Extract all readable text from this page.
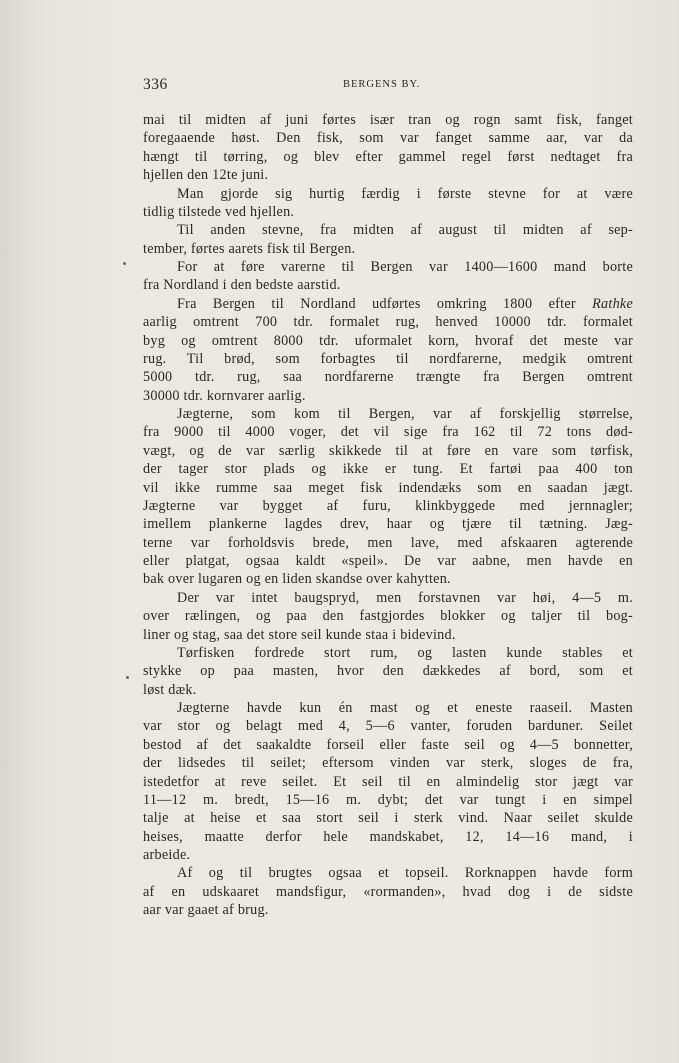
336	BERGENS BY.
mai til midten af juni førtes især tran og rogn samt fisk, fanget
foregaaende høst. Den fisk, som var fanget samme aar, var da
hængt til tørring, og blev efter gammel regel først nedtaget fra
hjellen den 12te juni.
Man gjorde sig hurtig færdig i første stevne for at være
tidlig tilstede ved hjellen.
Til anden stevne, fra midten af august til midten af sep-
tember, førtes aarets fisk til Bergen.
For at føre varerne til Bergen var 1400—1600 mand borte
fra Nordland i den bedste aarstid.
Fra Bergen til Nordland udførtes omkring 1800 efter Rathke
aarlig omtrent 700 tdr. formalet rug, henved 10000 tdr. formalet
byg og omtrent 8000 tdr. uformalet korn, hvoraf det meste var
rug. Til brød, som forbagtes til nordfarerne, medgik omtrent
5000 tdr. rug, saa nordfarerne trængte fra Bergen omtrent
30000 tdr. kornvarer aarlig.
Jægterne, som kom til Bergen, var af forskjellig størrelse,
fra 9000 til 4000 voger, det vil sige fra 162 til 72 tons død-
vægt, og de var særlig skikkede til at føre en vare som tørfisk,
der tager stor plads og ikke er tung. Et fartøi paa 400 ton
vil ikke rumme saa meget fisk indendæks som en saadan jægt.
Jægterne var bygget af furu, klinkbyggede med jernnagler;
imellem plankerne lagdes drev, haar og tjære til tætning. Jæg-
terne var forholdsvis brede, men lave, med afskaaren agterende
eller platgat, ogsaa kaldt «speil». De var aabne, men havde en
bak over lugaren og en liden skandse over kahytten.
Der var intet baugspryd, men forstavnen var høi, 4—5 m.
over rælingen, og paa den fastgjordes blokker og taljer til bog-
liner og stag, saa det store seil kunde staa i bidevind.
Tørfisken fordrede stort rum, og lasten kunde stables et
stykke op paa masten, hvor den dækkedes af bord, som et
løst dæk.
Jægterne havde kun én mast og et eneste raaseil. Masten
var stor og belagt med 4, 5—6 vanter, foruden barduner. Seilet
bestod af det saakaldte forseil eller faste seil og 4—5 bonnetter,
der lidsedes til seilet; eftersom vinden var sterk, sloges de fra,
istedetfor at reve seilet. Et seil til en almindelig stor jægt var
11—12 m. bredt, 15—16 m. dybt; det var tungt i en simpel
talje at heise et saa stort seil i sterk vind. Naar seilet skulde
heises, maatte derfor hele mandskabet, 12, 14—16 mand, i
arbeide.
Af og til brugtes ogsaa et topseil. Rorknappen havde form
af en udskaaret mandsfigur, «rormanden», hvad dog i de sidste
aar var gaaet af brug.
